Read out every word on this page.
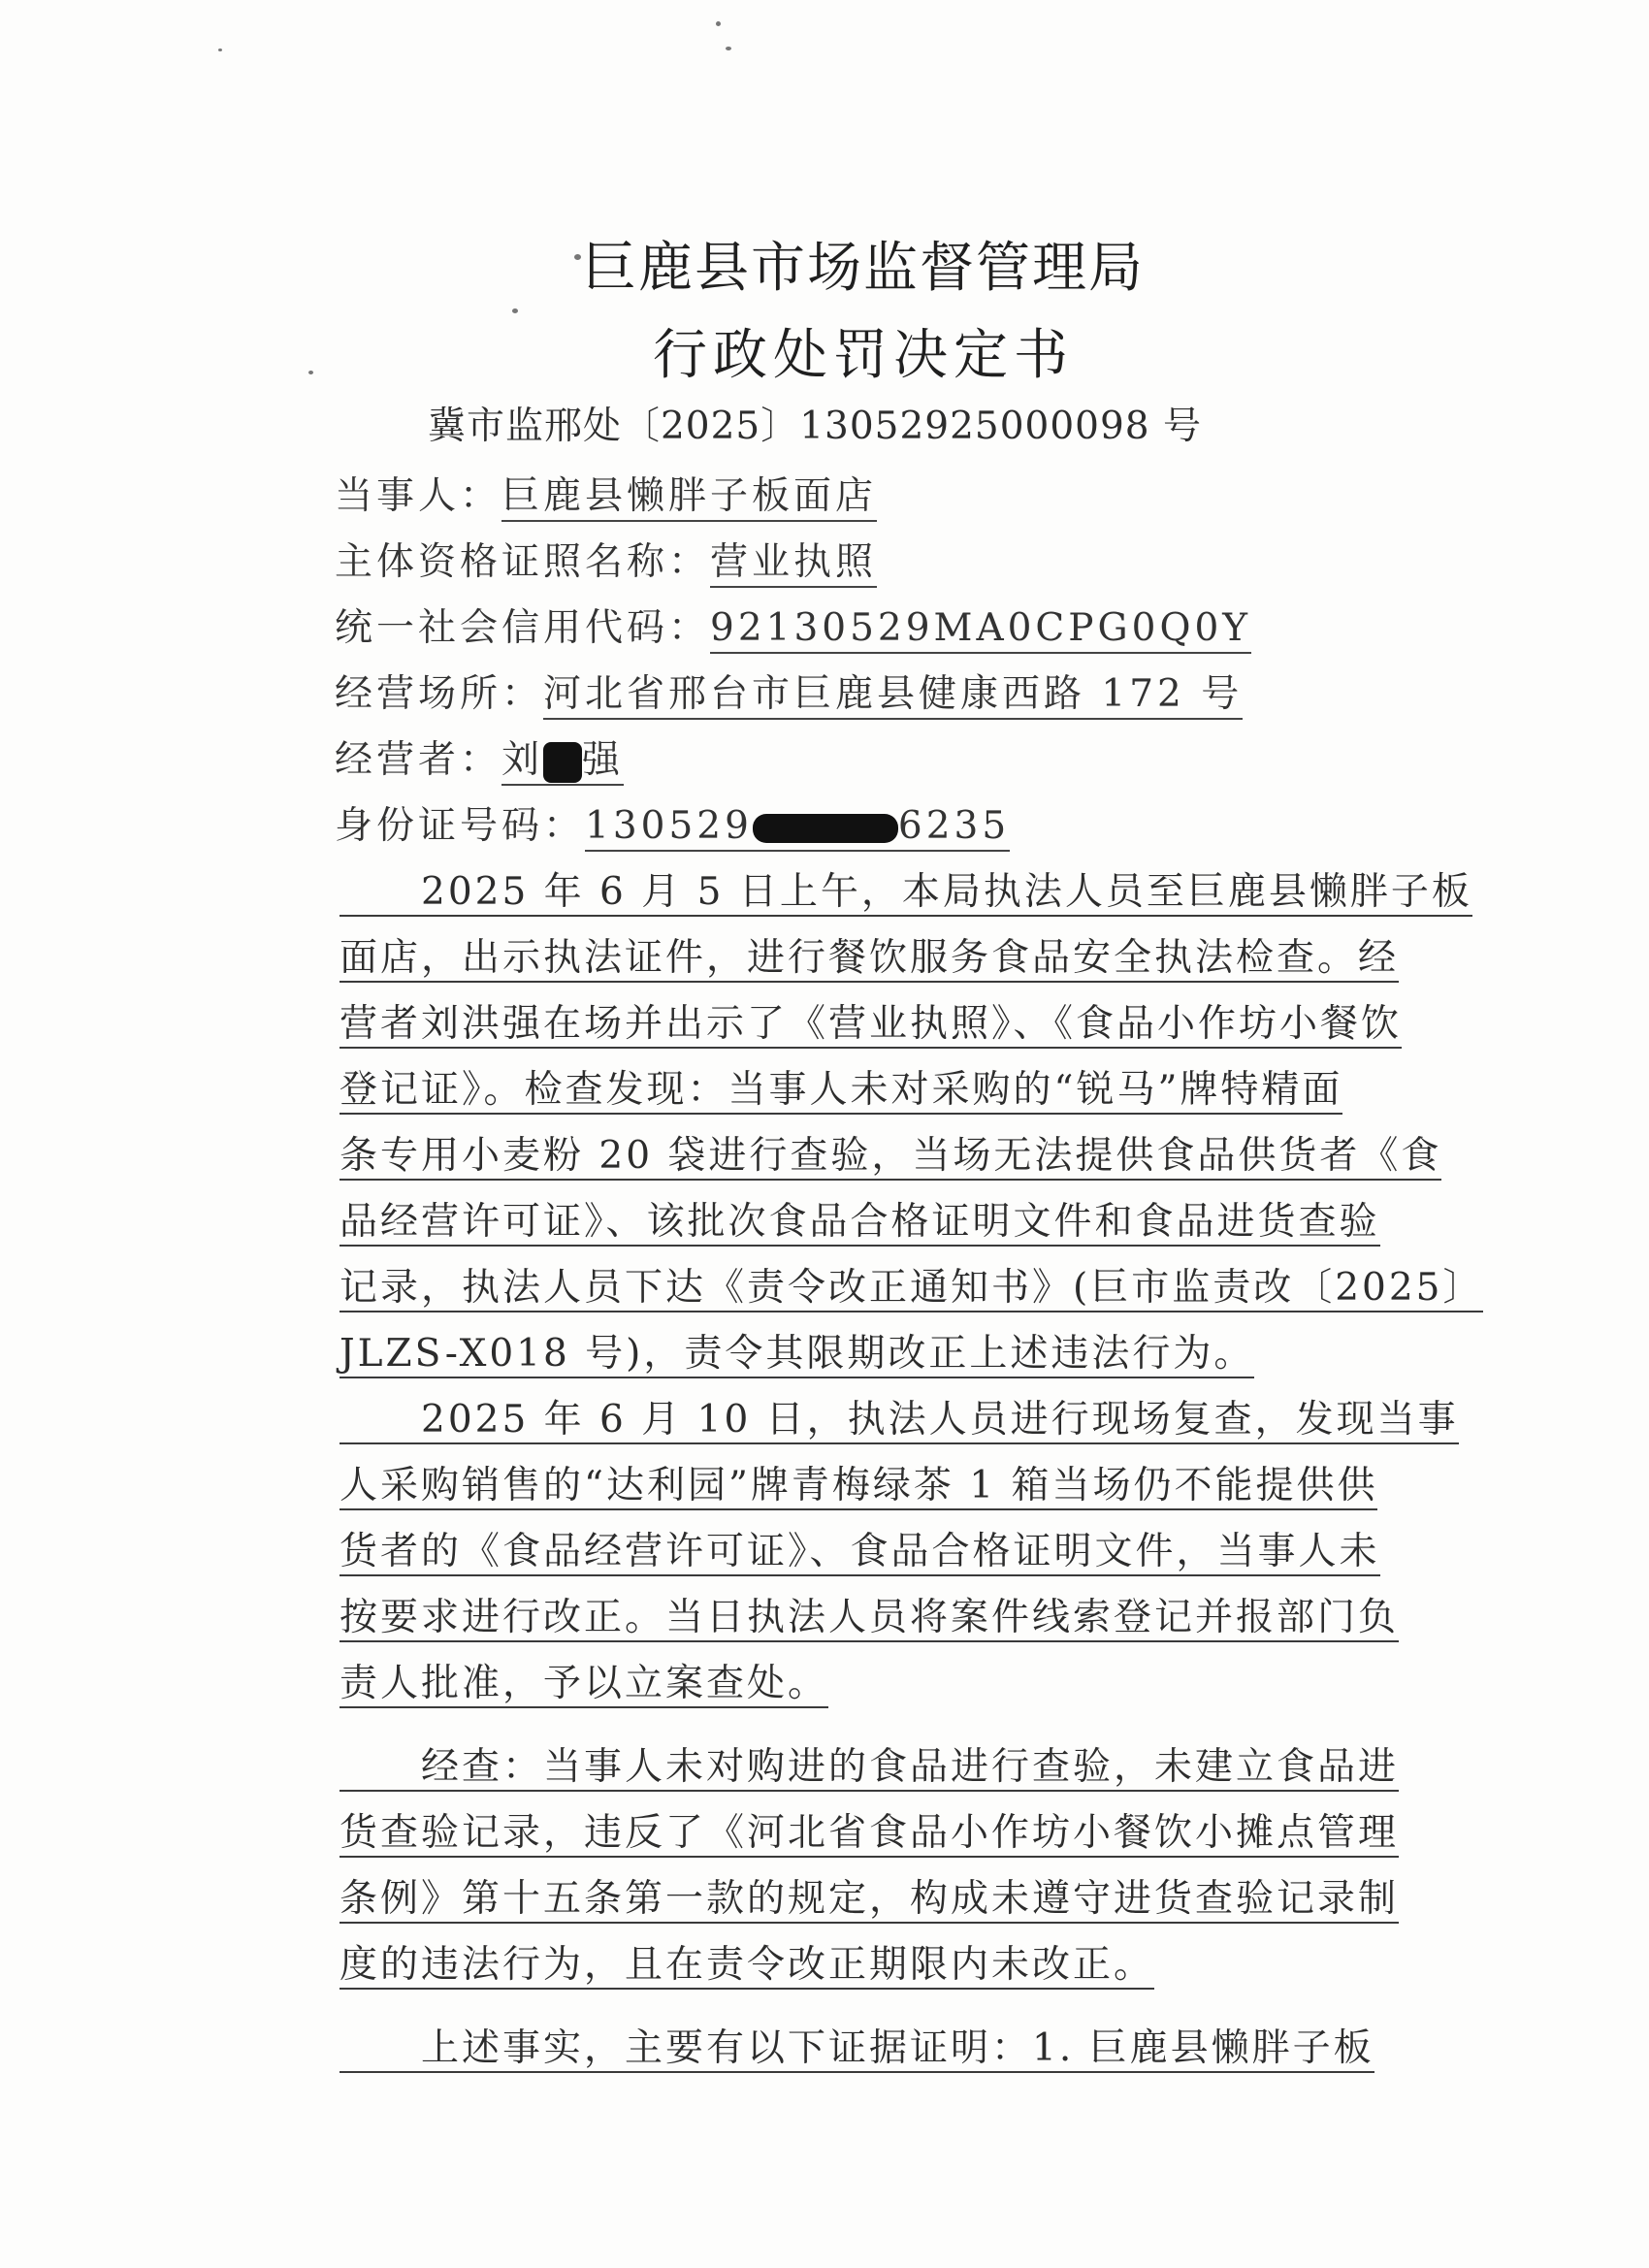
巨鹿县市场监督管理局
行政处罚决定书
冀市监邢处〔2025〕13052925000098 号
当事人：巨鹿县懒胖子板面店
主体资格证照名称：营业执照
统一社会信用代码：92130529MA0CPG0Q0Y
经营场所：河北省邢台市巨鹿县健康西路 172 号
经营者：刘 强
身份证号码：130529	6235
　　2025 年 6 月 5 日上午，本局执法人员至巨鹿县懒胖子板
面店，出示执法证件，进行餐饮服务食品安全执法检查。经
营者刘洪强在场并出示了《营业执照》、《食品小作坊小餐饮
登记证》。检查发现：当事人未对采购的“锐马”牌特精面
条专用小麦粉 20 袋进行查验，当场无法提供食品供货者《食
品经营许可证》、该批次食品合格证明文件和食品进货查验
记录，执法人员下达《责令改正通知书》(巨市监责改〔2025〕
JLZS-X018 号)，责令其限期改正上述违法行为。
　　2025 年 6 月 10 日，执法人员进行现场复查，发现当事
人采购销售的“达利园”牌青梅绿茶 1 箱当场仍不能提供供
货者的《食品经营许可证》、食品合格证明文件，当事人未
按要求进行改正。当日执法人员将案件线索登记并报部门负
责人批准，予以立案查处。
　　经查：当事人未对购进的食品进行查验，未建立食品进
货查验记录，违反了《河北省食品小作坊小餐饮小摊点管理
条例》第十五条第一款的规定，构成未遵守进货查验记录制
度的违法行为，且在责令改正期限内未改正。
　　上述事实，主要有以下证据证明：1. 巨鹿县懒胖子板
